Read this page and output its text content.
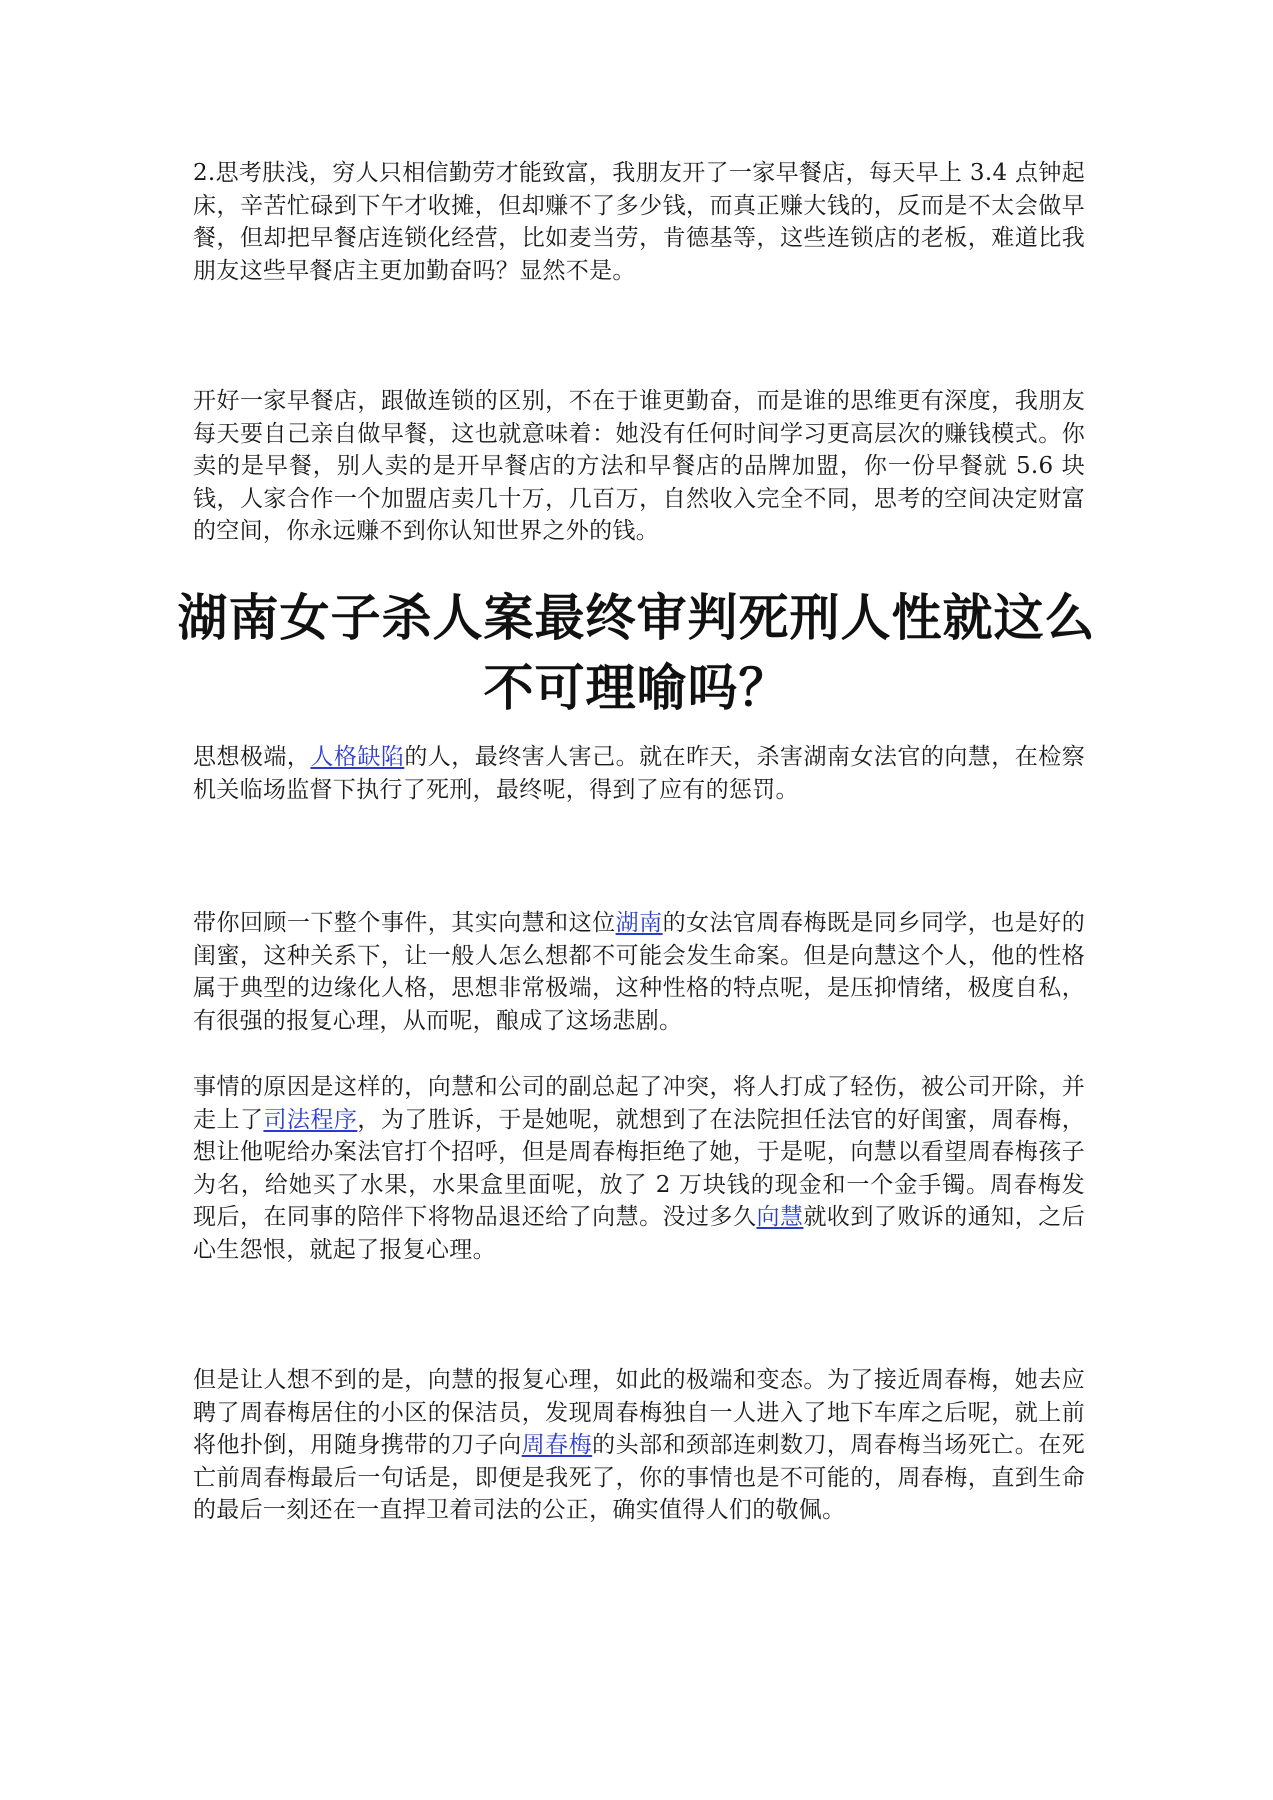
2.思考肤浅，穷人只相信勤劳才能致富，我朋友开了一家早餐店，每天早上 3.4 点钟起床，辛苦忙碌到下午才收摊，但却赚不了多少钱，而真正赚大钱的，反而是不太会做早餐，但却把早餐店连锁化经营，比如麦当劳，肯德基等，这些连锁店的老板，难道比我朋友这些早餐店主更加勤奋吗？显然不是。

开好一家早餐店，跟做连锁的区别，不在于谁更勤奋，而是谁的思维更有深度，我朋友每天要自己亲自做早餐，这也就意味着：她没有任何时间学习更高层次的赚钱模式。你卖的是早餐，别人卖的是开早餐店的方法和早餐店的品牌加盟，你一份早餐就 5.6 块钱，人家合作一个加盟店卖几十万，几百万，自然收入完全不同，思考的空间决定财富的空间，你永远赚不到你认知世界之外的钱。

湖南女子杀人案最终审判死刑人性就这么不可理喻吗？

思想极端，人格缺陷的人，最终害人害己。就在昨天，杀害湖南女法官的向慧，在检察机关临场监督下执行了死刑，最终呢，得到了应有的惩罚。

带你回顾一下整个事件，其实向慧和这位湖南的女法官周春梅既是同乡同学，也是好的闺蜜，这种关系下，让一般人怎么想都不可能会发生命案。但是向慧这个人，他的性格属于典型的边缘化人格，思想非常极端，这种性格的特点呢，是压抑情绪，极度自私，有很强的报复心理，从而呢，酿成了这场悲剧。

事情的原因是这样的，向慧和公司的副总起了冲突，将人打成了轻伤，被公司开除，并走上了司法程序，为了胜诉，于是她呢，就想到了在法院担任法官的好闺蜜，周春梅，想让他呢给办案法官打个招呼，但是周春梅拒绝了她，于是呢，向慧以看望周春梅孩子为名，给她买了水果，水果盒里面呢，放了 2 万块钱的现金和一个金手镯。周春梅发现后，在同事的陪伴下将物品退还给了向慧。没过多久向慧就收到了败诉的通知，之后心生怨恨，就起了报复心理。

但是让人想不到的是，向慧的报复心理，如此的极端和变态。为了接近周春梅，她去应聘了周春梅居住的小区的保洁员，发现周春梅独自一人进入了地下车库之后呢，就上前将他扑倒，用随身携带的刀子向周春梅的头部和颈部连刺数刀，周春梅当场死亡。在死亡前周春梅最后一句话是，即便是我死了，你的事情也是不可能的，周春梅，直到生命的最后一刻还在一直捍卫着司法的公正，确实值得人们的敬佩。
